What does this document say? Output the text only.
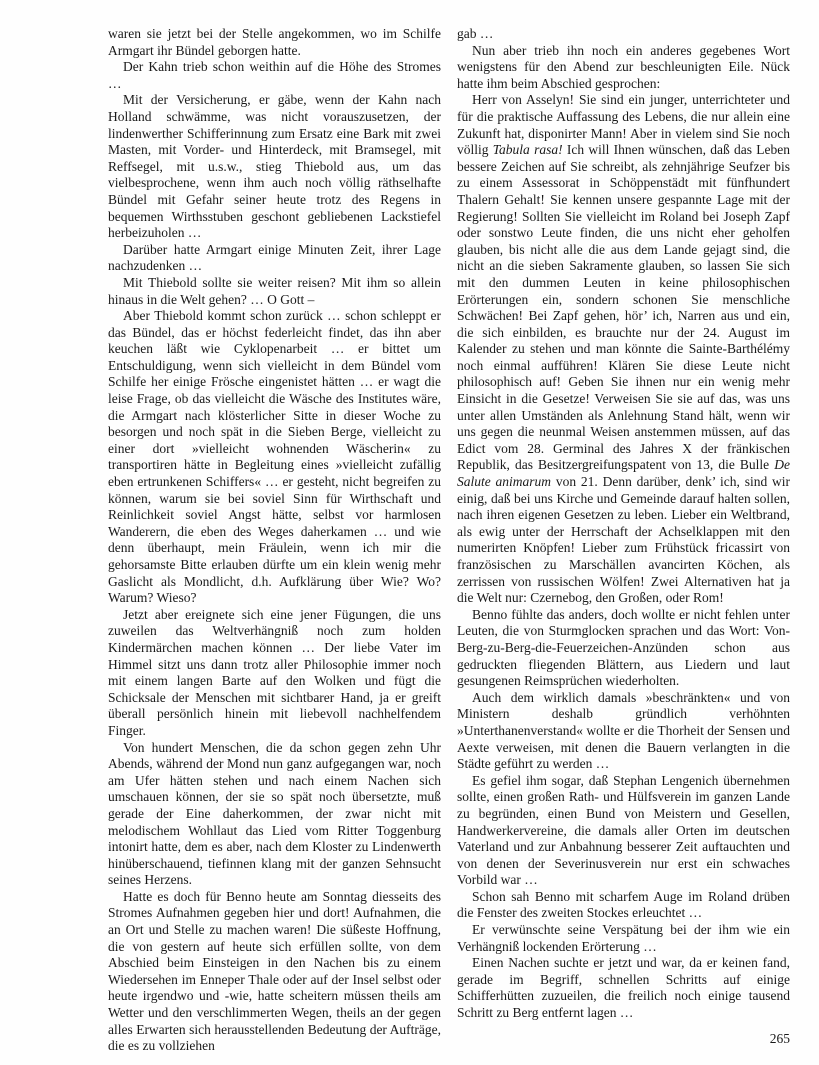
waren sie jetzt bei der Stelle angekommen, wo im Schilfe Armgart ihr Bündel geborgen hatte.

Der Kahn trieb schon weithin auf die Höhe des Stromes …

Mit der Versicherung, er gäbe, wenn der Kahn nach Holland schwämme, was nicht vorauszusetzen, der lindenwerther Schifferinnung zum Ersatz eine Bark mit zwei Masten, mit Vorder- und Hinterdeck, mit Bramsegel, mit Reffsegel, mit u.s.w., stieg Thiebold aus, um das vielbesprochene, wenn ihm auch noch völlig räthselhafte Bündel mit Gefahr seiner heute trotz des Regens in bequemen Wirthsstuben geschont gebliebenen Lackstiefel herbeizuholen …

Darüber hatte Armgart einige Minuten Zeit, ihrer Lage nachzudenken …

Mit Thiebold sollte sie weiter reisen? Mit ihm so allein hinaus in die Welt gehen? … O Gott –

Aber Thiebold kommt schon zurück … schon schleppt er das Bündel, das er höchst federleicht findet, das ihn aber keuchen läßt wie Cyklopenarbeit … er bittet um Entschuldigung, wenn sich vielleicht in dem Bündel vom Schilfe her einige Frösche eingenistet hätten … er wagt die leise Frage, ob das vielleicht die Wäsche des Institutes wäre, die Armgart nach klösterlicher Sitte in dieser Woche zu besorgen und noch spät in die Sieben Berge, vielleicht zu einer dort »vielleicht wohnenden Wäscherin« zu transportiren hätte in Begleitung eines »vielleicht zufällig eben ertrunkenen Schiffers« … er gesteht, nicht begreifen zu können, warum sie bei soviel Sinn für Wirthschaft und Reinlichkeit soviel Angst hätte, selbst vor harmlosen Wanderern, die eben des Weges daherkamen … und wie denn überhaupt, mein Fräulein, wenn ich mir die gehorsamste Bitte erlauben dürfte um ein klein wenig mehr Gaslicht als Mondlicht, d.h. Aufklärung über Wie? Wo? Warum? Wieso?

Jetzt aber ereignete sich eine jener Fügungen, die uns zuweilen das Weltverhängniß noch zum holden Kindermärchen machen können … Der liebe Vater im Himmel sitzt uns dann trotz aller Philosophie immer noch mit einem langen Barte auf den Wolken und fügt die Schicksale der Menschen mit sichtbarer Hand, ja er greift überall persönlich hinein mit liebevoll nachhelfendem Finger.

Von hundert Menschen, die da schon gegen zehn Uhr Abends, während der Mond nun ganz aufgegangen war, noch am Ufer hätten stehen und nach einem Nachen sich umschauen können, der sie so spät noch übersetzte, muß gerade der Eine daherkommen, der zwar nicht mit melodischem Wohllaut das Lied vom Ritter Toggenburg intonirt hatte, dem es aber, nach dem Kloster zu Lindenwerth hinüberschauend, tiefinnen klang mit der ganzen Sehnsucht seines Herzens.

Hatte es doch für Benno heute am Sonntag diesseits des Stromes Aufnahmen gegeben hier und dort! Aufnahmen, die an Ort und Stelle zu machen waren! Die süßeste Hoffnung, die von gestern auf heute sich erfüllen sollte, von dem Abschied beim Einsteigen in den Nachen bis zu einem Wiedersehen im Enneper Thale oder auf der Insel selbst oder heute irgendwo und -wie, hatte scheitern müssen theils am Wetter und den verschlimmerten Wegen, theils an der gegen alles Erwarten sich herausstellenden Bedeutung der Aufträge, die es zu vollziehen

gab …

Nun aber trieb ihn noch ein anderes gegebenes Wort wenigstens für den Abend zur beschleunigten Eile. Nück hatte ihm beim Abschied gesprochen:

Herr von Asselyn! Sie sind ein junger, unterrichteter und für die praktische Auffassung des Lebens, die nur allein eine Zukunft hat, disponirter Mann! Aber in vielem sind Sie noch völlig Tabula rasa! Ich will Ihnen wünschen, daß das Leben bessere Zeichen auf Sie schreibt, als zehnjährige Seufzer bis zu einem Assessorat in Schöppenstädt mit fünfhundert Thalern Gehalt! Sie kennen unsere gespannte Lage mit der Regierung! Sollten Sie vielleicht im Roland bei Joseph Zapf oder sonstwo Leute finden, die uns nicht eher geholfen glauben, bis nicht alle die aus dem Lande gejagt sind, die nicht an die sieben Sakramente glauben, so lassen Sie sich mit den dummen Leuten in keine philosophischen Erörterungen ein, sondern schonen Sie menschliche Schwächen! Bei Zapf gehen, hör’ ich, Narren aus und ein, die sich einbilden, es brauchte nur der 24. August im Kalender zu stehen und man könnte die Sainte-Barthélémy noch einmal aufführen! Klären Sie diese Leute nicht philosophisch auf! Geben Sie ihnen nur ein wenig mehr Einsicht in die Gesetze! Verweisen Sie sie auf das, was uns unter allen Umständen als Anlehnung Stand hält, wenn wir uns gegen die neunmal Weisen anstemmen müssen, auf das Edict vom 28. Germinal des Jahres X der fränkischen Republik, das Besitzergreifungspatent von 13, die Bulle De Salute animarum von 21. Denn darüber, denk’ ich, sind wir einig, daß bei uns Kirche und Gemeinde darauf halten sollen, nach ihren eigenen Gesetzen zu leben. Lieber ein Weltbrand, als ewig unter der Herrschaft der Achselklappen mit den numerirten Knöpfen! Lieber zum Frühstück fricassirt von französischen zu Marschällen avancirten Köchen, als zerrissen von russischen Wölfen! Zwei Alternativen hat ja die Welt nur: Czernebog, den Großen, oder Rom!

Benno fühlte das anders, doch wollte er nicht fehlen unter Leuten, die von Sturmglocken sprachen und das Wort: Von-Berg-zu-Berg-die-Feuerzeichen-Anzünden schon aus gedruckten fliegenden Blättern, aus Liedern und laut gesungenen Reimsprüchen wiederholten.

Auch dem wirklich damals »beschränkten« und von Ministern deshalb gründlich verhöhnten »Unterthanenverstand« wollte er die Thorheit der Sensen und Aexte verweisen, mit denen die Bauern verlangten in die Städte geführt zu werden …

Es gefiel ihm sogar, daß Stephan Lengenich übernehmen sollte, einen großen Rath- und Hülfsverein im ganzen Lande zu begründen, einen Bund von Meistern und Gesellen, Handwerkervereine, die damals aller Orten im deutschen Vaterland und zur Anbahnung besserer Zeit auftauchten und von denen der Severinusverein nur erst ein schwaches Vorbild war …

Schon sah Benno mit scharfem Auge im Roland drüben die Fenster des zweiten Stockes erleuchtet …

Er verwünschte seine Verspätung bei der ihm wie ein Verhängniß lockenden Erörterung …

Einen Nachen suchte er jetzt und war, da er keinen fand, gerade im Begriff, schnellen Schritts auf einige Schifferhütten zuzueilen, die freilich noch einige tausend Schritt zu Berg entfernt lagen …

265
